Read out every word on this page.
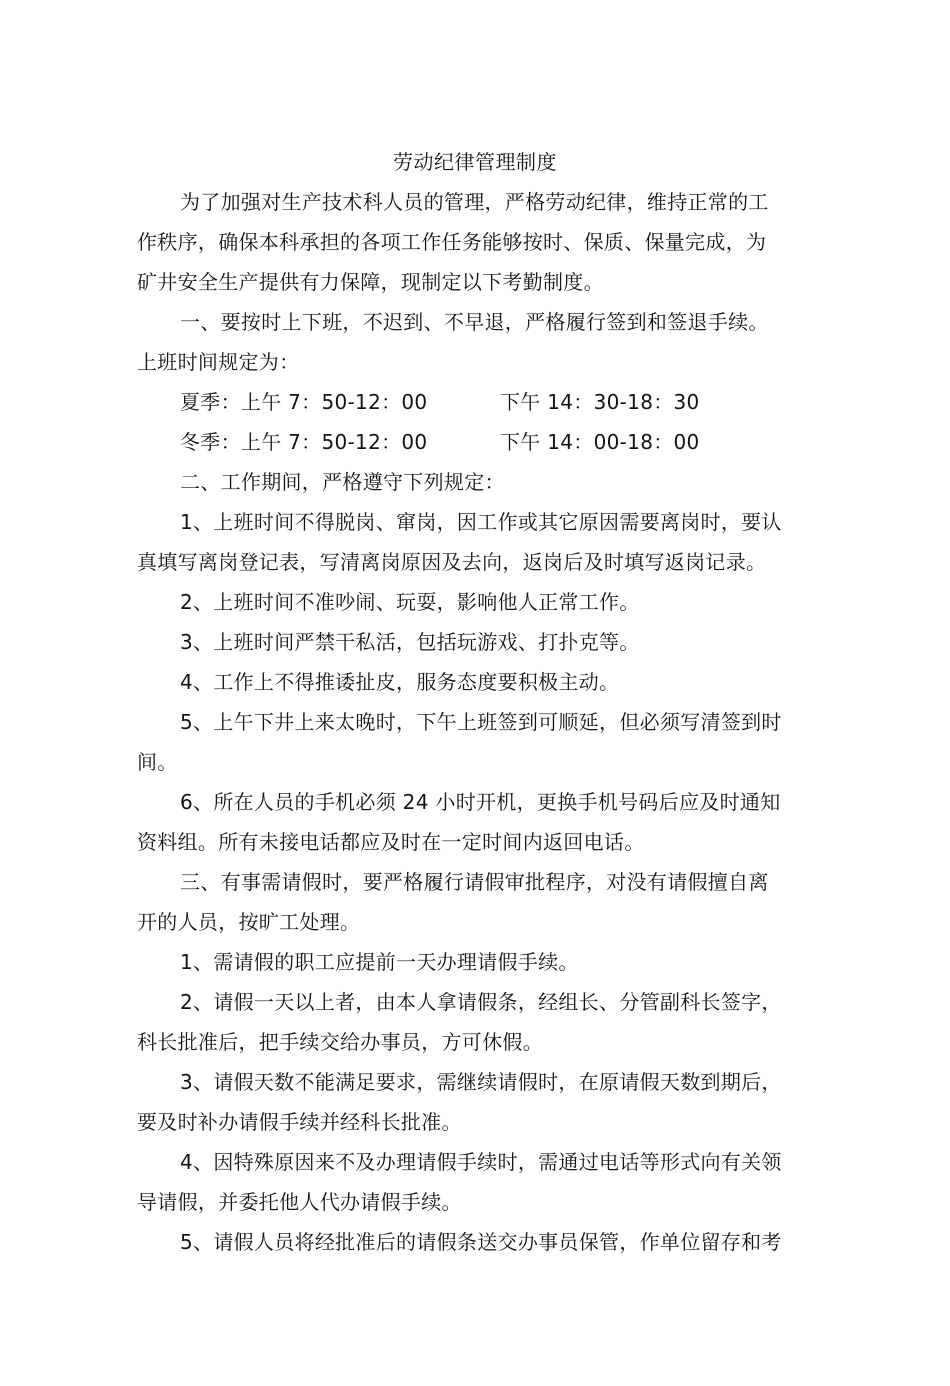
劳动纪律管理制度
为了加强对生产技术科人员的管理，严格劳动纪律，维持正常的工
作秩序，确保本科承担的各项工作任务能够按时、保质、保量完成，为
矿井安全生产提供有力保障，现制定以下考勤制度。
一、要按时上下班，不迟到、不早退，严格履行签到和签退手续。
上班时间规定为：
夏季：上午 7：50-12：00	下午 14：30-18：30
冬季：上午 7：50-12：00	下午 14：00-18：00
二、工作期间，严格遵守下列规定：
1、上班时间不得脱岗、窜岗，因工作或其它原因需要离岗时，要认
真填写离岗登记表，写清离岗原因及去向，返岗后及时填写返岗记录。
2、上班时间不准吵闹、玩耍，影响他人正常工作。
3、上班时间严禁干私活，包括玩游戏、打扑克等。
4、工作上不得推诿扯皮，服务态度要积极主动。
5、上午下井上来太晚时，下午上班签到可顺延，但必须写清签到时
间。
6、所在人员的手机必须 24 小时开机，更换手机号码后应及时通知
资料组。所有未接电话都应及时在一定时间内返回电话。
三、有事需请假时，要严格履行请假审批程序，对没有请假擅自离
开的人员，按旷工处理。
1、需请假的职工应提前一天办理请假手续。
2、请假一天以上者，由本人拿请假条，经组长、分管副科长签字，
科长批准后，把手续交给办事员，方可休假。
3、请假天数不能满足要求，需继续请假时，在原请假天数到期后，
要及时补办请假手续并经科长批准。
4、因特殊原因来不及办理请假手续时，需通过电话等形式向有关领
导请假，并委托他人代办请假手续。
5、请假人员将经批准后的请假条送交办事员保管，作单位留存和考
